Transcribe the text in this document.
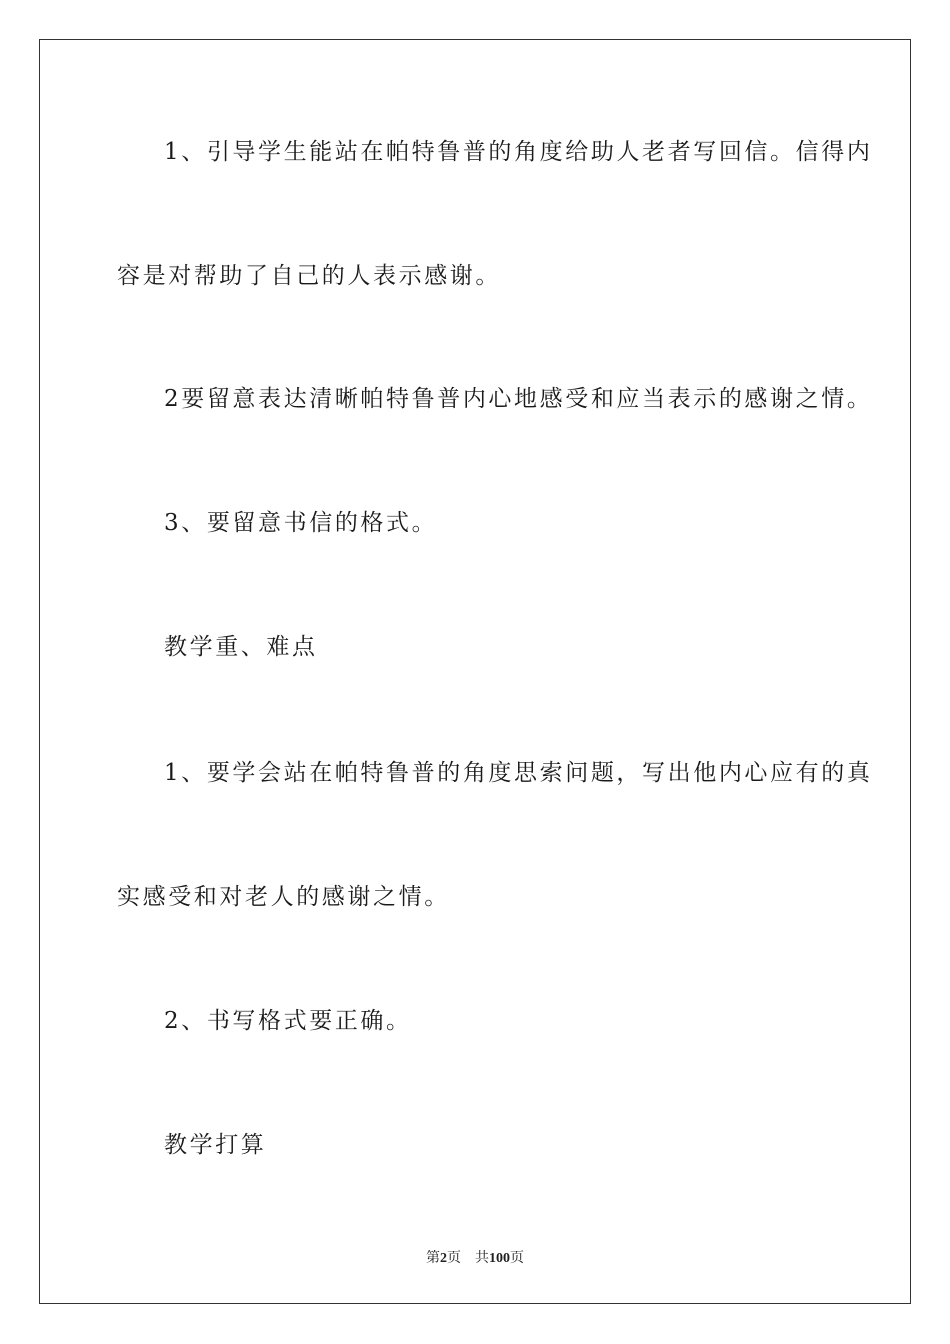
1、引导学生能站在帕特鲁普的角度给助人老者写回信。信得内
容是对帮助了自己的人表示感谢。
2要留意表达清晰帕特鲁普内心地感受和应当表示的感谢之情。
3、要留意书信的格式。
教学重、难点
1、要学会站在帕特鲁普的角度思索问题，写出他内心应有的真
实感受和对老人的感谢之情。
2、书写格式要正确。
教学打算
第2页 共100页
